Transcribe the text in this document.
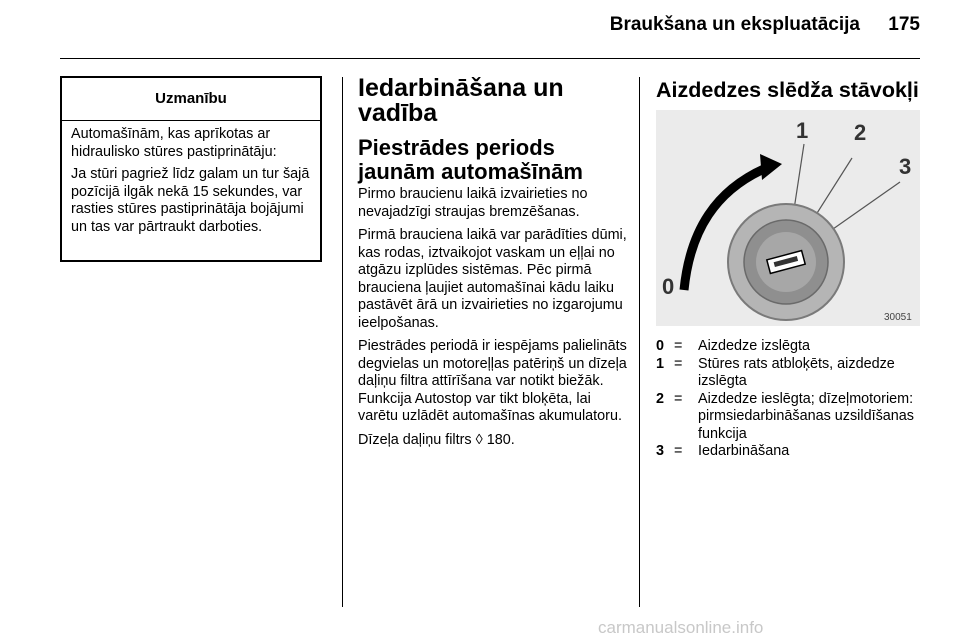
Braukšana un ekspluatācija	175
Uzmanību

Automašīnām, kas aprīkotas ar hidraulisko stūres pastiprinātāju:

Ja stūri pagriež līdz galam un tur šajā pozīcijā ilgāk nekā 15 sekundes, var rasties stūres pastiprinātāja bojājumi un tas var pārtraukt darboties.

Iedarbināšana un vadība
Piestrādes periods jaunām automašīnām

Pirmo braucienu laikā izvairieties no nevajadzīgi straujas bremzēšanas.

Pirmā brauciena laikā var parādīties dūmi, kas rodas, iztvaikojot vaskam un eļļai no atgāzu izplūdes sistēmas. Pēc pirmā brauciena ļaujiet automašīnai kādu laiku pastāvēt ārā un izvairieties no izgarojumu ieelpošanas.

Piestrādes periodā ir iespējams palielināts degvielas un motoreļļas patēriņš un dīzeļa daļiņu filtra attīrīšana var notikt biežāk. Funkcija Autostop var tikt bloķēta, lai varētu uzlādēt automašīnas akumulatoru.

Dīzeļa daļiņu filtrs ◊ 180.

Aizdedzes slēdža stāvokļi
1 2
3
0
30051
0 =	Aizdedze izslēgta
1 =	Stūres rats atbloķēts, aizdedze izslēgta
2 =	Aizdedze ieslēgta; dīzeļmotoriem: pirmsiedarbināšanas uzsildīšanas funkcija
3 =	Iedarbināšana
carmanualsonline.info
